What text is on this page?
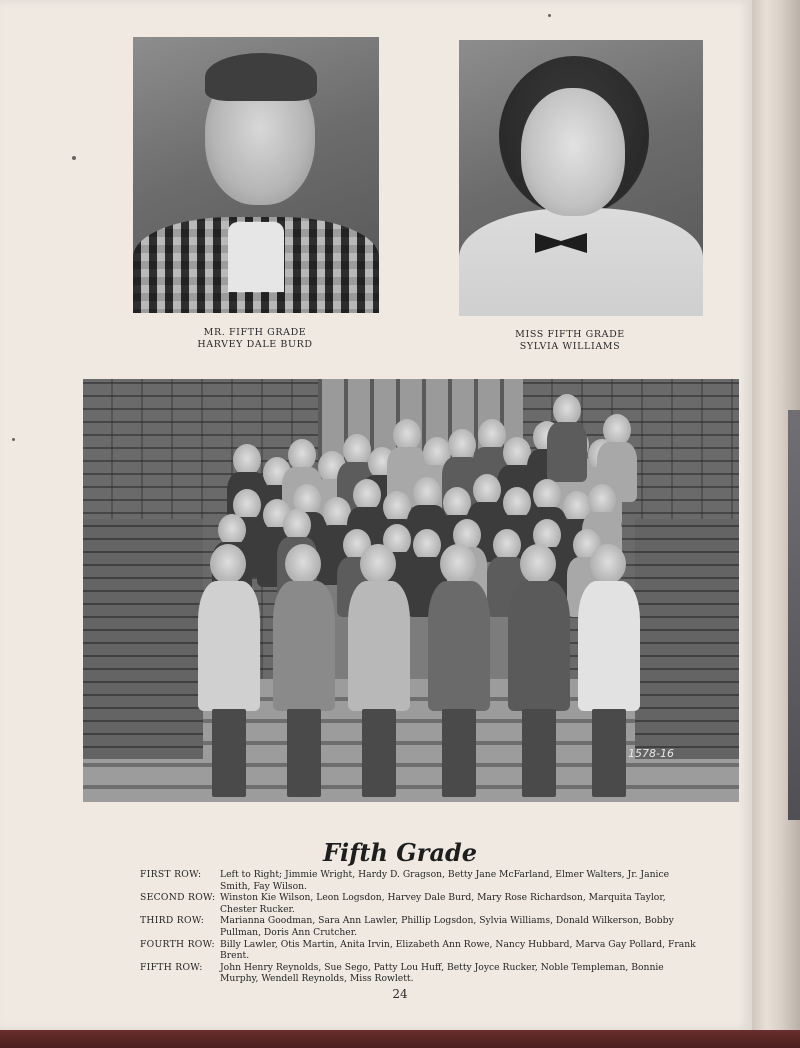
MR. FIFTH GRADE
HARVEY DALE BURD
MISS FIFTH GRADE
SYLVIA WILLIAMS
1578-16
Fifth Grade
FIRST ROW:	Left to Right; Jimmie Wright, Hardy D. Gragson, Betty Jane McFarland, Elmer Walters, Jr. Janice Smith, Fay Wilson.
SECOND ROW: Winston Kie Wilson, Leon Logsdon, Harvey Dale Burd, Mary Rose Richardson, Marquita Taylor, Chester Rucker.
THIRD ROW:	Marianna Goodman, Sara Ann Lawler, Phillip Logsdon, Sylvia Williams, Donald Wilkerson, Bobby Pullman, Doris Ann Crutcher.
FOURTH ROW: Billy Lawler, Otis Martin, Anita Irvin, Elizabeth Ann Rowe, Nancy Hubbard, Marva Gay Pollard, Frank Brent.
FIFTH ROW:	John Henry Reynolds, Sue Sego, Patty Lou Huff, Betty Joyce Rucker, Noble Templeman, Bonnie Murphy, Wendell Reynolds, Miss Rowlett.
24
